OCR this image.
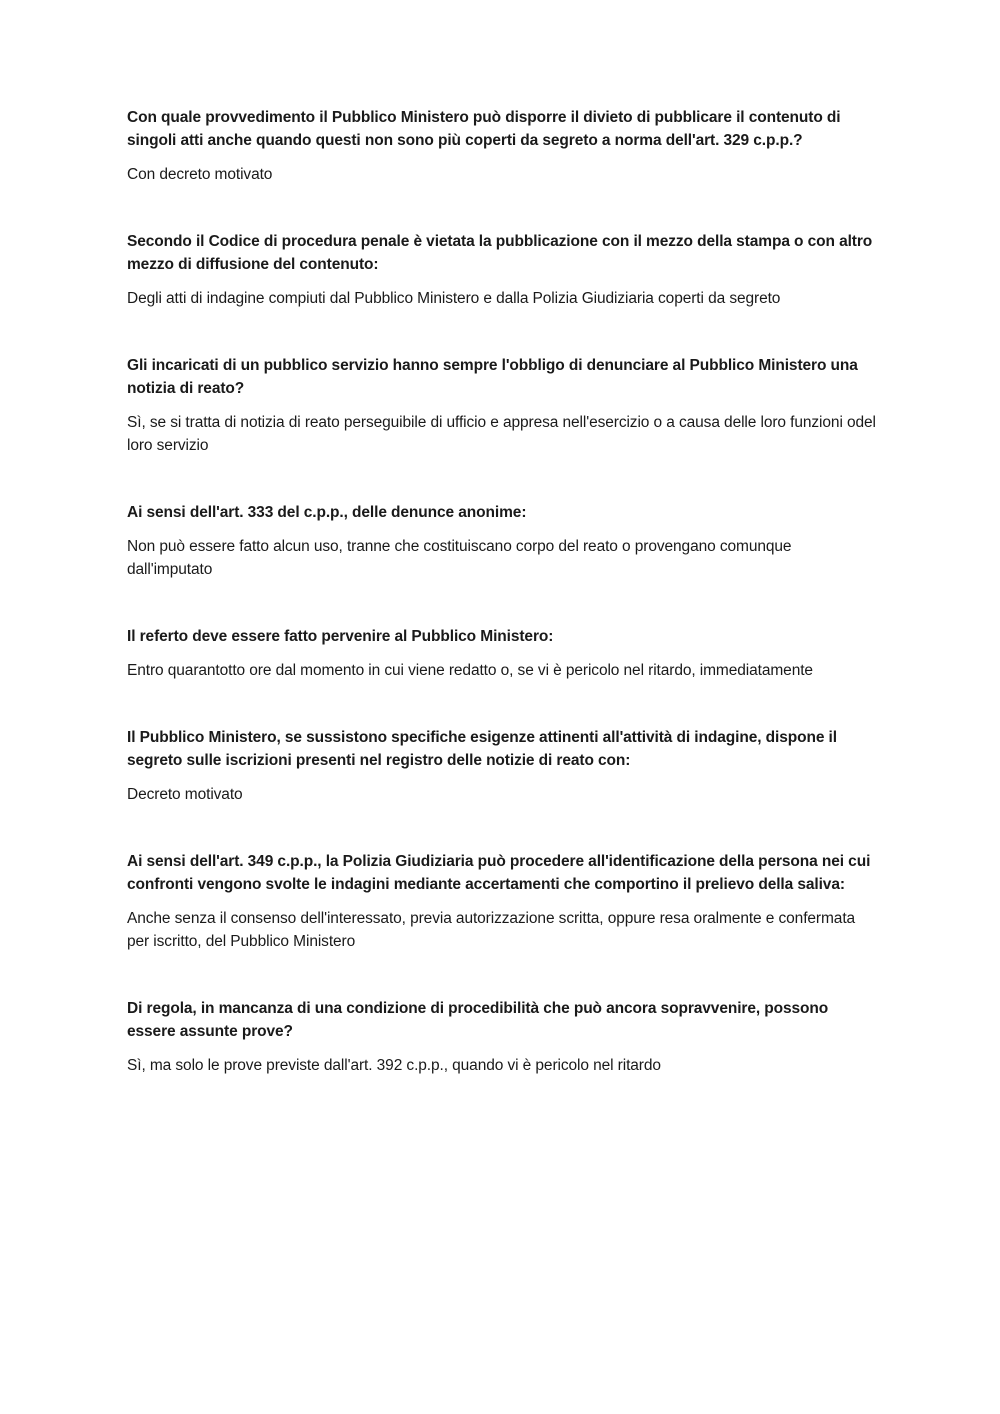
Con quale provvedimento il Pubblico Ministero può disporre il divieto di pubblicare il contenuto di singoli atti anche quando questi non sono più coperti da segreto a norma dell'art. 329 c.p.p.?

Con decreto motivato

Secondo il Codice di procedura penale è vietata la pubblicazione con il mezzo della stampa o con altro mezzo di diffusione del contenuto:

Degli atti di indagine compiuti dal Pubblico Ministero e dalla Polizia Giudiziaria coperti da segreto

Gli incaricati di un pubblico servizio hanno sempre l'obbligo di denunciare al Pubblico Ministero una notizia di reato?

Sì, se si tratta di notizia di reato perseguibile di ufficio e appresa nell'esercizio o a causa delle loro funzioni odel loro servizio

Ai sensi dell'art. 333 del c.p.p., delle denunce anonime:

Non può essere fatto alcun uso, tranne che costituiscano corpo del reato o provengano comunque dall'imputato

Il referto deve essere fatto pervenire al Pubblico Ministero:

Entro quarantotto ore dal momento in cui viene redatto o, se vi è pericolo nel ritardo, immediatamente

Il Pubblico Ministero, se sussistono specifiche esigenze attinenti all'attività di indagine, dispone il segreto sulle iscrizioni presenti nel registro delle notizie di reato con:

Decreto motivato

Ai sensi dell'art. 349 c.p.p., la Polizia Giudiziaria può procedere all'identificazione della persona nei cui confronti vengono svolte le indagini mediante accertamenti che comportino il prelievo della saliva:

Anche senza il consenso dell'interessato, previa autorizzazione scritta, oppure resa oralmente e confermata per iscritto, del Pubblico Ministero

Di regola, in mancanza di una condizione di procedibilità che può ancora sopravvenire, possono essere assunte prove?

Sì, ma solo le prove previste dall'art. 392 c.p.p., quando vi è pericolo nel ritardo
